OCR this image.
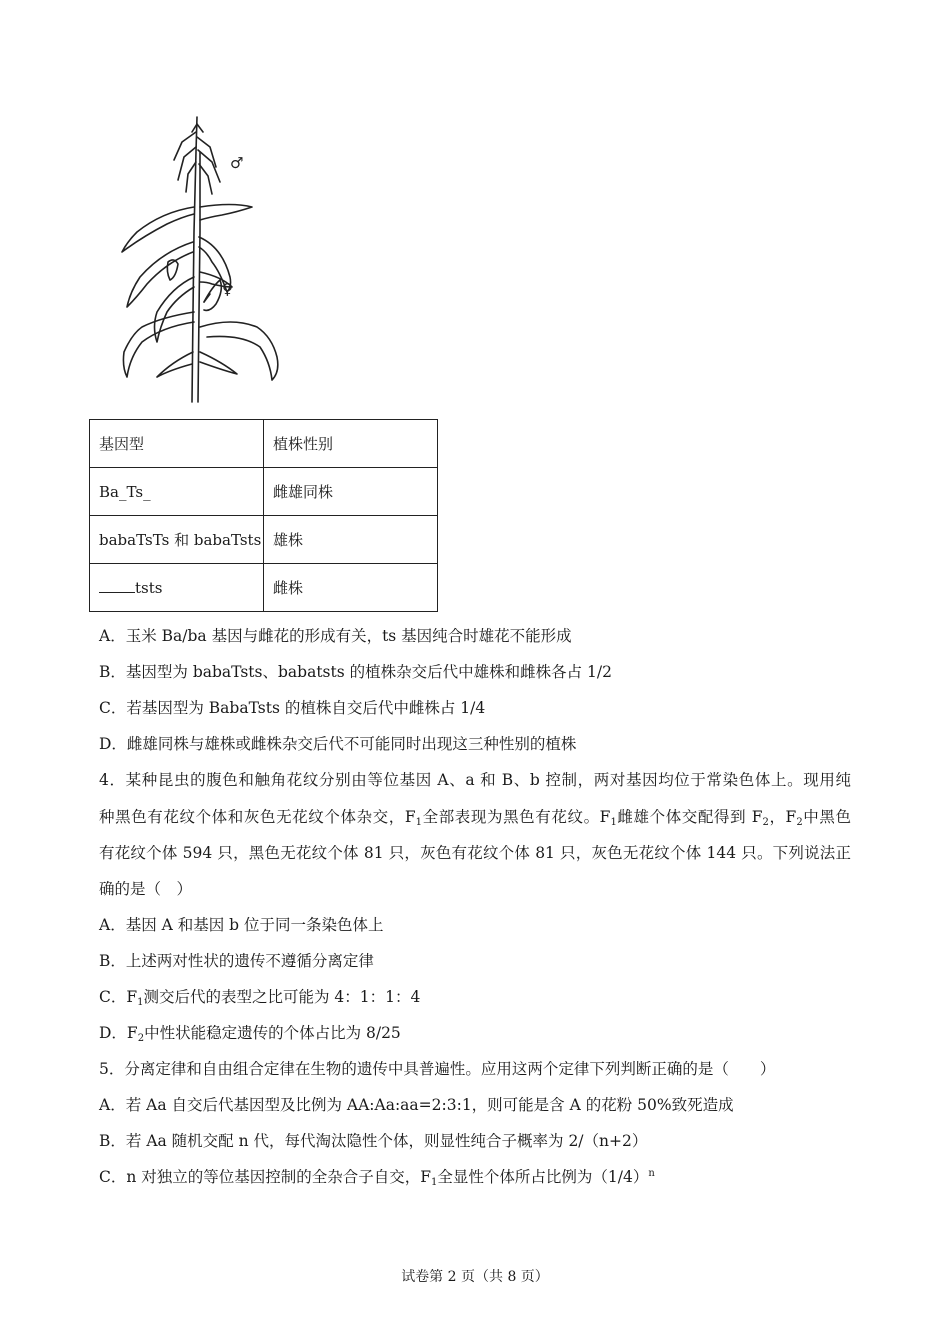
♂
♀
基因型	植株性别
Ba_Ts_	雌雄同株
babaTsTs 和 babaTsts	雄株
tsts	雌株
A．玉米 Ba/ba 基因与雌花的形成有关，ts 基因纯合时雄花不能形成
B．基因型为 babaTsts、babatsts 的植株杂交后代中雄株和雌株各占 1/2
C．若基因型为 BabaTsts 的植株自交后代中雌株占 1/4
D．雌雄同株与雄株或雌株杂交后代不可能同时出现这三种性别的植株
4．某种昆虫的腹色和触角花纹分别由等位基因 A、a 和 B、b 控制，两对基因均位于常染色体上。现用纯
种黑色有花纹个体和灰色无花纹个体杂交，$F_1$全部表现为黑色有花纹。$F_1$雌雄个体交配得到 $F_2$，$F_2$中黑色
有花纹个体 594 只，黑色无花纹个体 81 只，灰色有花纹个体 81 只，灰色无花纹个体 144 只。下列说法正
确的是（　）
A．基因 A 和基因 b 位于同一条染色体上
B．上述两对性状的遗传不遵循分离定律
C．$F_1$测交后代的表型之比可能为 4：1：1：4
D．$F_2$中性状能稳定遗传的个体占比为 8/25
5．分离定律和自由组合定律在生物的遗传中具普遍性。应用这两个定律下列判断正确的是（　　）
A．若 Aa 自交后代基因型及比例为 AA:Aa:aa=2:3:1，则可能是含 A 的花粉 50%致死造成
B．若 Aa 随机交配 n 代，每代淘汰隐性个体，则显性纯合子概率为 2/（n+2）
C．n 对独立的等位基因控制的全杂合子自交，$F_1$全显性个体所占比例为$(1/4)^n$
试卷第 2 页（共 8 页）
